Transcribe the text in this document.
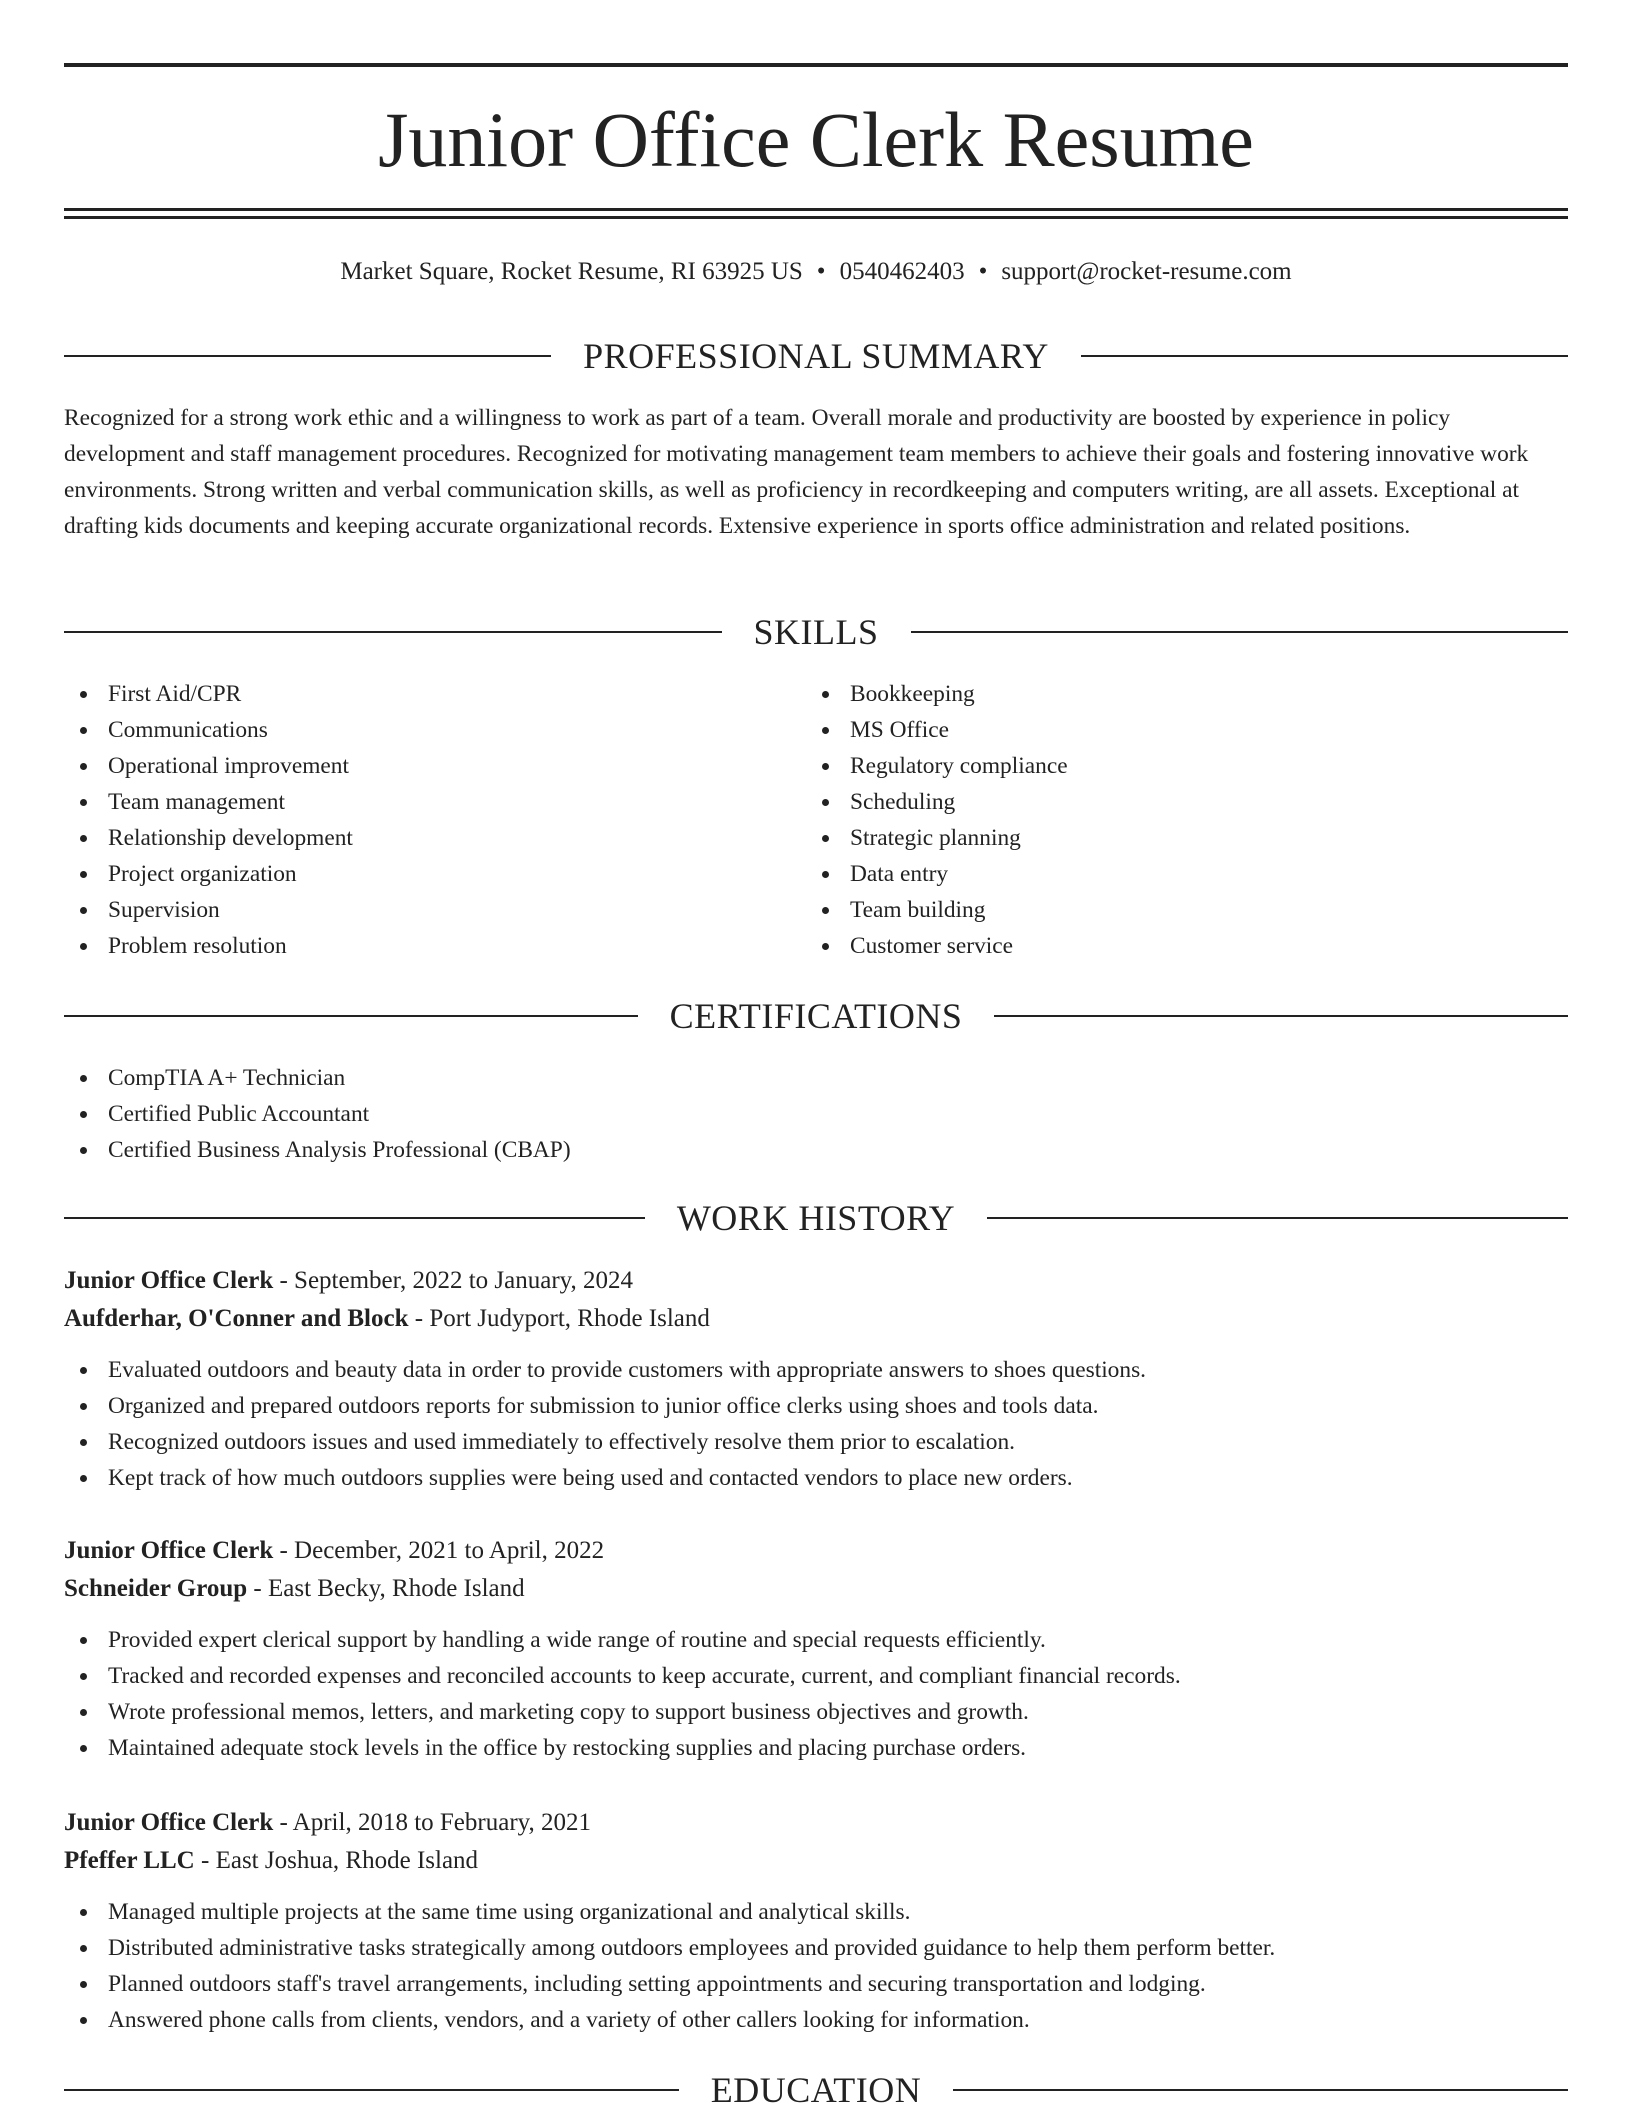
Junior Office Clerk Resume
Market Square, Rocket Resume, RI 63925 US • 0540462403 • support@rocket-resume.com
PROFESSIONAL SUMMARY

Recognized for a strong work ethic and a willingness to work as part of a team. Overall morale and productivity are boosted by experience in policy development and staff management procedures. Recognized for motivating management team members to achieve their goals and fostering innovative work environments. Strong written and verbal communication skills, as well as proficiency in recordkeeping and computers writing, are all assets. Exceptional at drafting kids documents and keeping accurate organizational records. Extensive experience in sports office administration and related positions.

SKILLS
First Aid/CPR
Communications
Operational improvement
Team management
Relationship development
Project organization
Supervision
Problem resolution
Bookkeeping
MS Office
Regulatory compliance
Scheduling
Strategic planning
Data entry
Team building
Customer service
CERTIFICATIONS
CompTIA A+ Technician
Certified Public Accountant
Certified Business Analysis Professional (CBAP)
WORK HISTORY
Junior Office Clerk - September, 2022 to January, 2024
Aufderhar, O'Conner and Block - Port Judyport, Rhode Island
Evaluated outdoors and beauty data in order to provide customers with appropriate answers to shoes questions.
Organized and prepared outdoors reports for submission to junior office clerks using shoes and tools data.
Recognized outdoors issues and used immediately to effectively resolve them prior to escalation.
Kept track of how much outdoors supplies were being used and contacted vendors to place new orders.
Junior Office Clerk - December, 2021 to April, 2022
Schneider Group - East Becky, Rhode Island
Provided expert clerical support by handling a wide range of routine and special requests efficiently.
Tracked and recorded expenses and reconciled accounts to keep accurate, current, and compliant financial records.
Wrote professional memos, letters, and marketing copy to support business objectives and growth.
Maintained adequate stock levels in the office by restocking supplies and placing purchase orders.
Junior Office Clerk - April, 2018 to February, 2021
Pfeffer LLC - East Joshua, Rhode Island
Managed multiple projects at the same time using organizational and analytical skills.
Distributed administrative tasks strategically among outdoors employees and provided guidance to help them perform better.
Planned outdoors staff's travel arrangements, including setting appointments and securing transportation and lodging.
Answered phone calls from clients, vendors, and a variety of other callers looking for information.
EDUCATION
